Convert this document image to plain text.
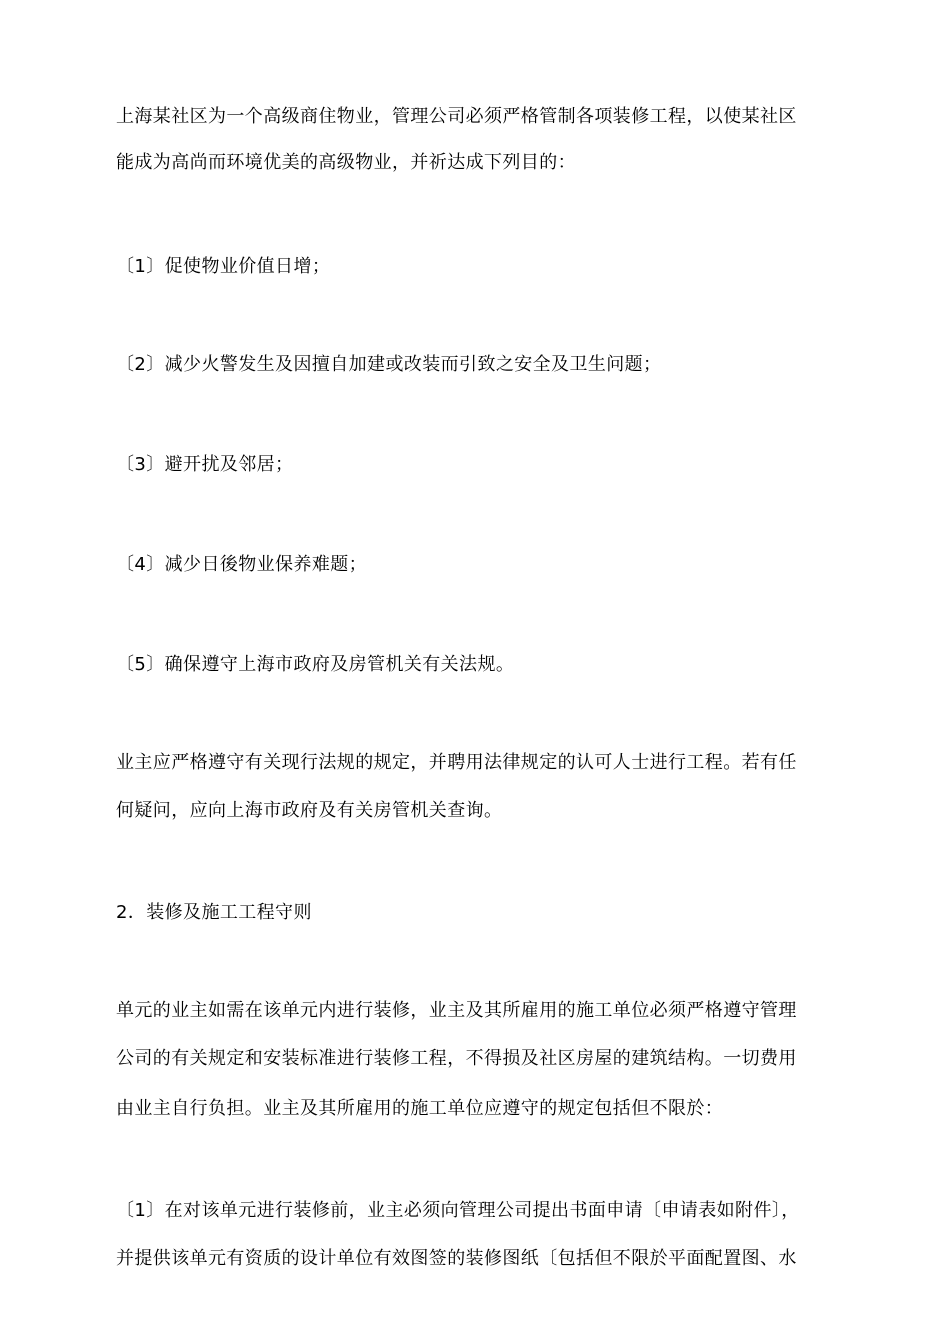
上海某社区为一个高级商住物业，管理公司必须严格管制各项装修工程，以使某社区
能成为高尚而环境优美的高级物业，并祈达成下列目的：
〔1〕促使物业价值日增；
〔2〕减少火警发生及因擅自加建或改装而引致之安全及卫生问题；
〔3〕避开扰及邻居；
〔4〕减少日後物业保养难题；
〔5〕确保遵守上海市政府及房管机关有关法规。
业主应严格遵守有关现行法规的规定，并聘用法律规定的认可人士进行工程。若有任
何疑问，应向上海市政府及有关房管机关查询。
2．装修及施工工程守则
单元的业主如需在该单元内进行装修，业主及其所雇用的施工单位必须严格遵守管理
公司的有关规定和安装标准进行装修工程，不得损及社区房屋的建筑结构。一切费用
由业主自行负担。业主及其所雇用的施工单位应遵守的规定包括但不限於：
〔1〕在对该单元进行装修前，业主必须向管理公司提出书面申请〔申请表如附件〕，
并提供该单元有资质的设计单位有效图签的装修图纸〔包括但不限於平面配置图、水
